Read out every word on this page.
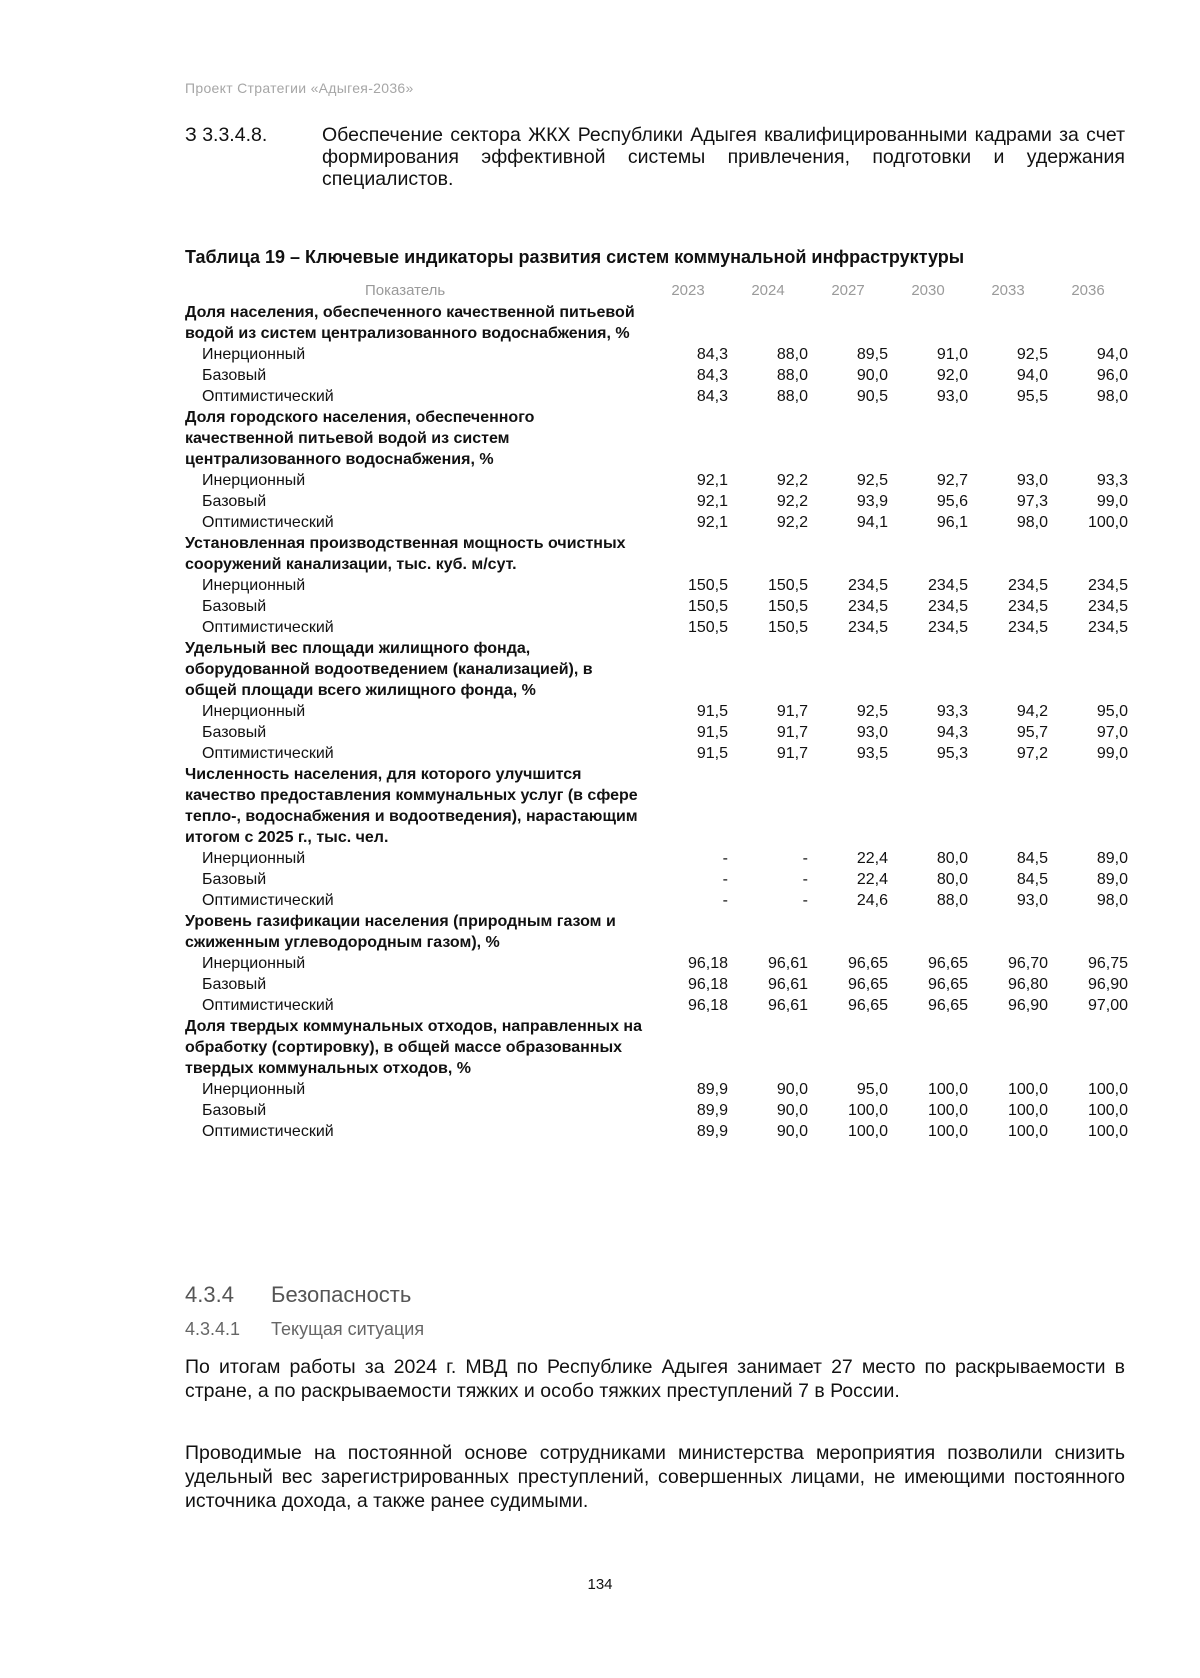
Проект Стратегии «Адыгея-2036»
З 3.3.4.8.	Обеспечение сектора ЖКХ Республики Адыгея квалифицированными кадрами за счет формирования эффективной системы привлечения, подготовки и удержания специалистов.
Таблица 19 – Ключевые индикаторы развития систем коммунальной инфраструктуры
Показатель	2023	2024	2027	2030	2033	2036
Доля населения, обеспеченного качественной питьевой водой из систем централизованного водоснабжения, %
Инерционный	84,3	88,0	89,5	91,0	92,5	94,0
Базовый	84,3	88,0	90,0	92,0	94,0	96,0
Оптимистический	84,3	88,0	90,5	93,0	95,5	98,0
Доля городского населения, обеспеченного качественной питьевой водой из систем централизованного водоснабжения, %
Инерционный	92,1	92,2	92,5	92,7	93,0	93,3
Базовый	92,1	92,2	93,9	95,6	97,3	99,0
Оптимистический	92,1	92,2	94,1	96,1	98,0	100,0
Установленная производственная мощность очистных сооружений канализации, тыс. куб. м/сут.
Инерционный	150,5	150,5	234,5	234,5	234,5	234,5
Базовый	150,5	150,5	234,5	234,5	234,5	234,5
Оптимистический	150,5	150,5	234,5	234,5	234,5	234,5
Удельный вес площади жилищного фонда, оборудованной водоотведением (канализацией), в общей площади всего жилищного фонда, %
Инерционный	91,5	91,7	92,5	93,3	94,2	95,0
Базовый	91,5	91,7	93,0	94,3	95,7	97,0
Оптимистический	91,5	91,7	93,5	95,3	97,2	99,0
Численность населения, для которого улучшится качество предоставления коммунальных услуг (в сфере тепло-, водоснабжения и водоотведения), нарастающим итогом с 2025 г., тыс. чел.
Инерционный	-	-	22,4	80,0	84,5	89,0
Базовый	-	-	22,4	80,0	84,5	89,0
Оптимистический	-	-	24,6	88,0	93,0	98,0
Уровень газификации населения (природным газом и сжиженным углеводородным газом), %
Инерционный	96,18	96,61	96,65	96,65	96,70	96,75
Базовый	96,18	96,61	96,65	96,65	96,80	96,90
Оптимистический	96,18	96,61	96,65	96,65	96,90	97,00
Доля твердых коммунальных отходов, направленных на обработку (сортировку), в общей массе образованных твердых коммунальных отходов, %
Инерционный	89,9	90,0	95,0	100,0	100,0	100,0
Базовый	89,9	90,0	100,0	100,0	100,0	100,0
Оптимистический	89,9	90,0	100,0	100,0	100,0	100,0
4.3.4 Безопасность
4.3.4.1 Текущая ситуация
По итогам работы за 2024 г. МВД по Республике Адыгея занимает 27 место по раскрываемости в стране, а по раскрываемости тяжких и особо тяжких преступлений 7 в России.
Проводимые на постоянной основе сотрудниками министерства мероприятия позволили снизить удельный вес зарегистрированных преступлений, совершенных лицами, не имеющими постоянного источника дохода, а также ранее судимыми.
134
